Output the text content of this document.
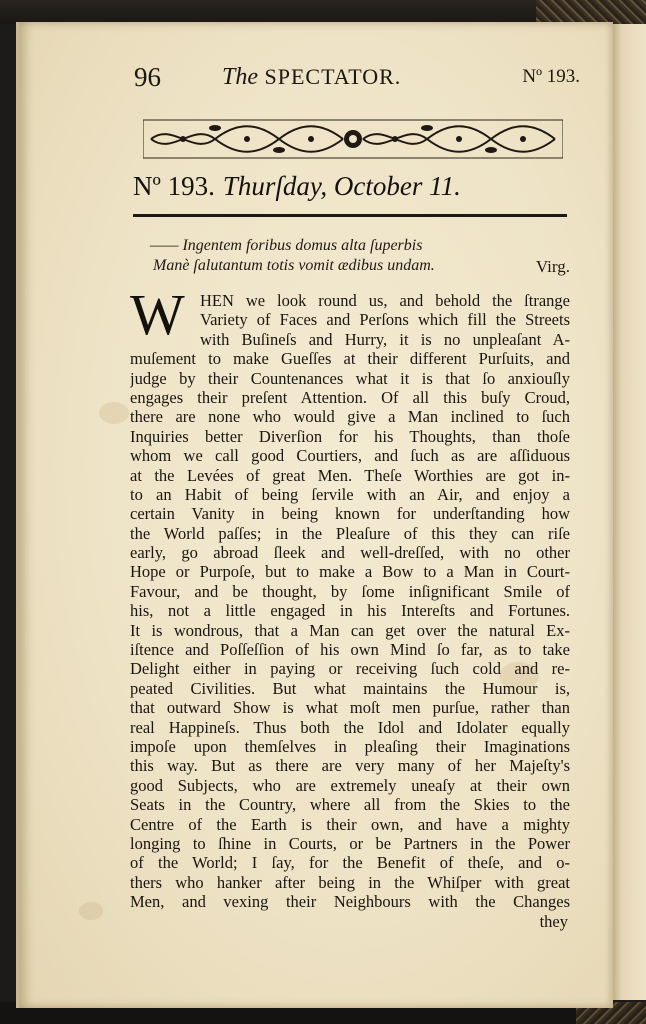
96	The SPECTATOR.	Nº 193.
Nº 193. Thurſday, October 11.
—— Ingentem foribus domus alta ſuperbis
Manè ſalutantum totis vomit ædibus undam.	Virg.
W HEN we look round us, and behold the ſtrange
Variety of Faces and Perſons which fill the Streets
with Buſineſs and Hurry, it is no unpleaſant A-
muſement to make Gueſſes at their different Purſuits, and
judge by their Countenances what it is that ſo anxiouſly
engages their preſent Attention. Of all this buſy Croud,
there are none who would give a Man inclined to ſuch
Inquiries better Diverſion for his Thoughts, than thoſe
whom we call good Courtiers, and ſuch as are aſſiduous
at the Levées of great Men. Theſe Worthies are got in-
to an Habit of being ſervile with an Air, and enjoy a
certain Vanity in being known for underſtanding how
the World paſſes; in the Pleaſure of this they can riſe
early, go abroad ſleek and well-dreſſed, with no other
Hope or Purpoſe, but to make a Bow to a Man in Court-
Favour, and be thought, by ſome inſignificant Smile of
his, not a little engaged in his Intereſts and Fortunes.
It is wondrous, that a Man can get over the natural Ex-
iſtence and Poſſeſſion of his own Mind ſo far, as to take
Delight either in paying or receiving ſuch cold and re-
peated Civilities. But what maintains the Humour is,
that outward Show is what moſt men purſue, rather than
real Happineſs. Thus both the Idol and Idolater equally
impoſe upon themſelves in pleaſing their Imaginations
this way. But as there are very many of her Majeſty's
good Subjects, who are extremely uneaſy at their own
Seats in the Country, where all from the Skies to the
Centre of the Earth is their own, and have a mighty
longing to ſhine in Courts, or be Partners in the Power
of the World; I ſay, for the Benefit of theſe, and o-
thers who hanker after being in the Whiſper with great
Men, and vexing their Neighbours with the Changes
they
